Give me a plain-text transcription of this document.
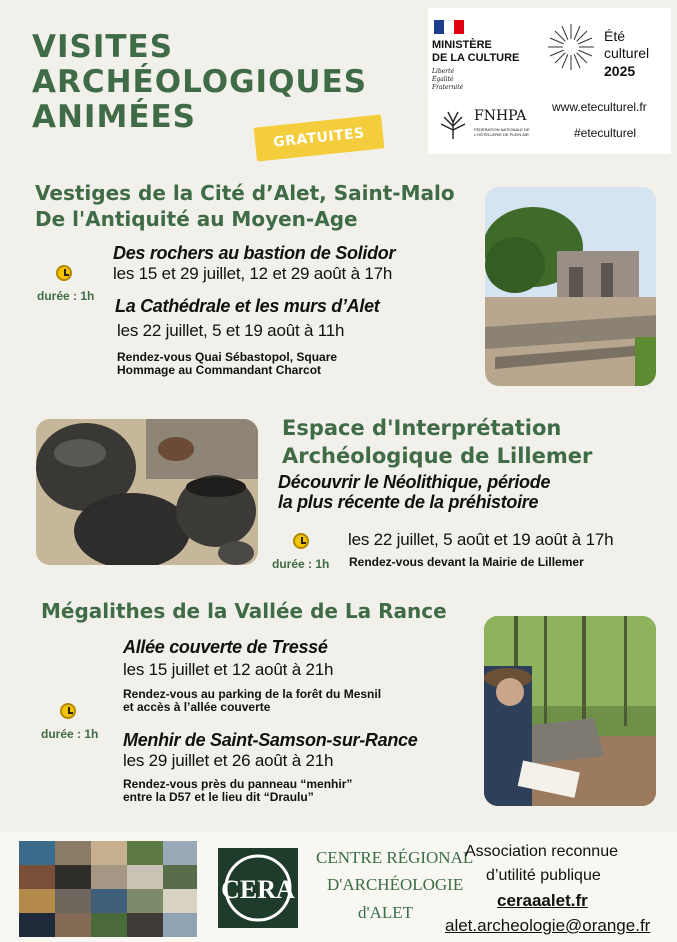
VISITES
ARCHÉOLOGIQUES
ANIMÉES
GRATUITES
MINISTÈRE
DE LA CULTURE
Liberté
Égalité
Fraternité
Été
culturel
2025
FNHPA
FÉDÉRATION NATIONALE DE L'HÔTELLERIE DE PLEIN AIR
www.eteculturel.fr
#eteculturel
Vestiges de la Cité d’Alet, Saint-Malo
De l'Antiquité au Moyen-Age
Des rochers au bastion de Solidor
les 15 et 29 juillet, 12 et 29 août à 17h
durée : 1h La Cathédrale et les murs d’Alet
les 22 juillet, 5 et 19 août à 11h
Rendez-vous Quai Sébastopol, Square
Hommage au Commandant Charcot
Espace d'Interprétation
Archéologique de Lillemer
Découvrir le Néolithique, période
la plus récente de la préhistoire
les 22 juillet, 5 août et 19 août à 17h
durée : 1h Rendez-vous devant la Mairie de Lillemer
Mégalithes de la Vallée de La Rance
Allée couverte de Tressé
les 15 juillet et 12 août à 21h
Rendez-vous au parking de la forêt du Mesnil
et accès à l’allée couverte
durée : 1h Menhir de Saint-Samson-sur-Rance
les 29 juillet et 26 août à 21h
Rendez-vous près du panneau “menhir”
entre la D57 et le lieu dit “Draulu”
CERA
CENTRE RÉGIONAL
D'ARCHÉOLOGIE
d'ALET
Association reconnue
d’utilité publique
ceraaalet.fr
alet.archeologie@orange.fr
